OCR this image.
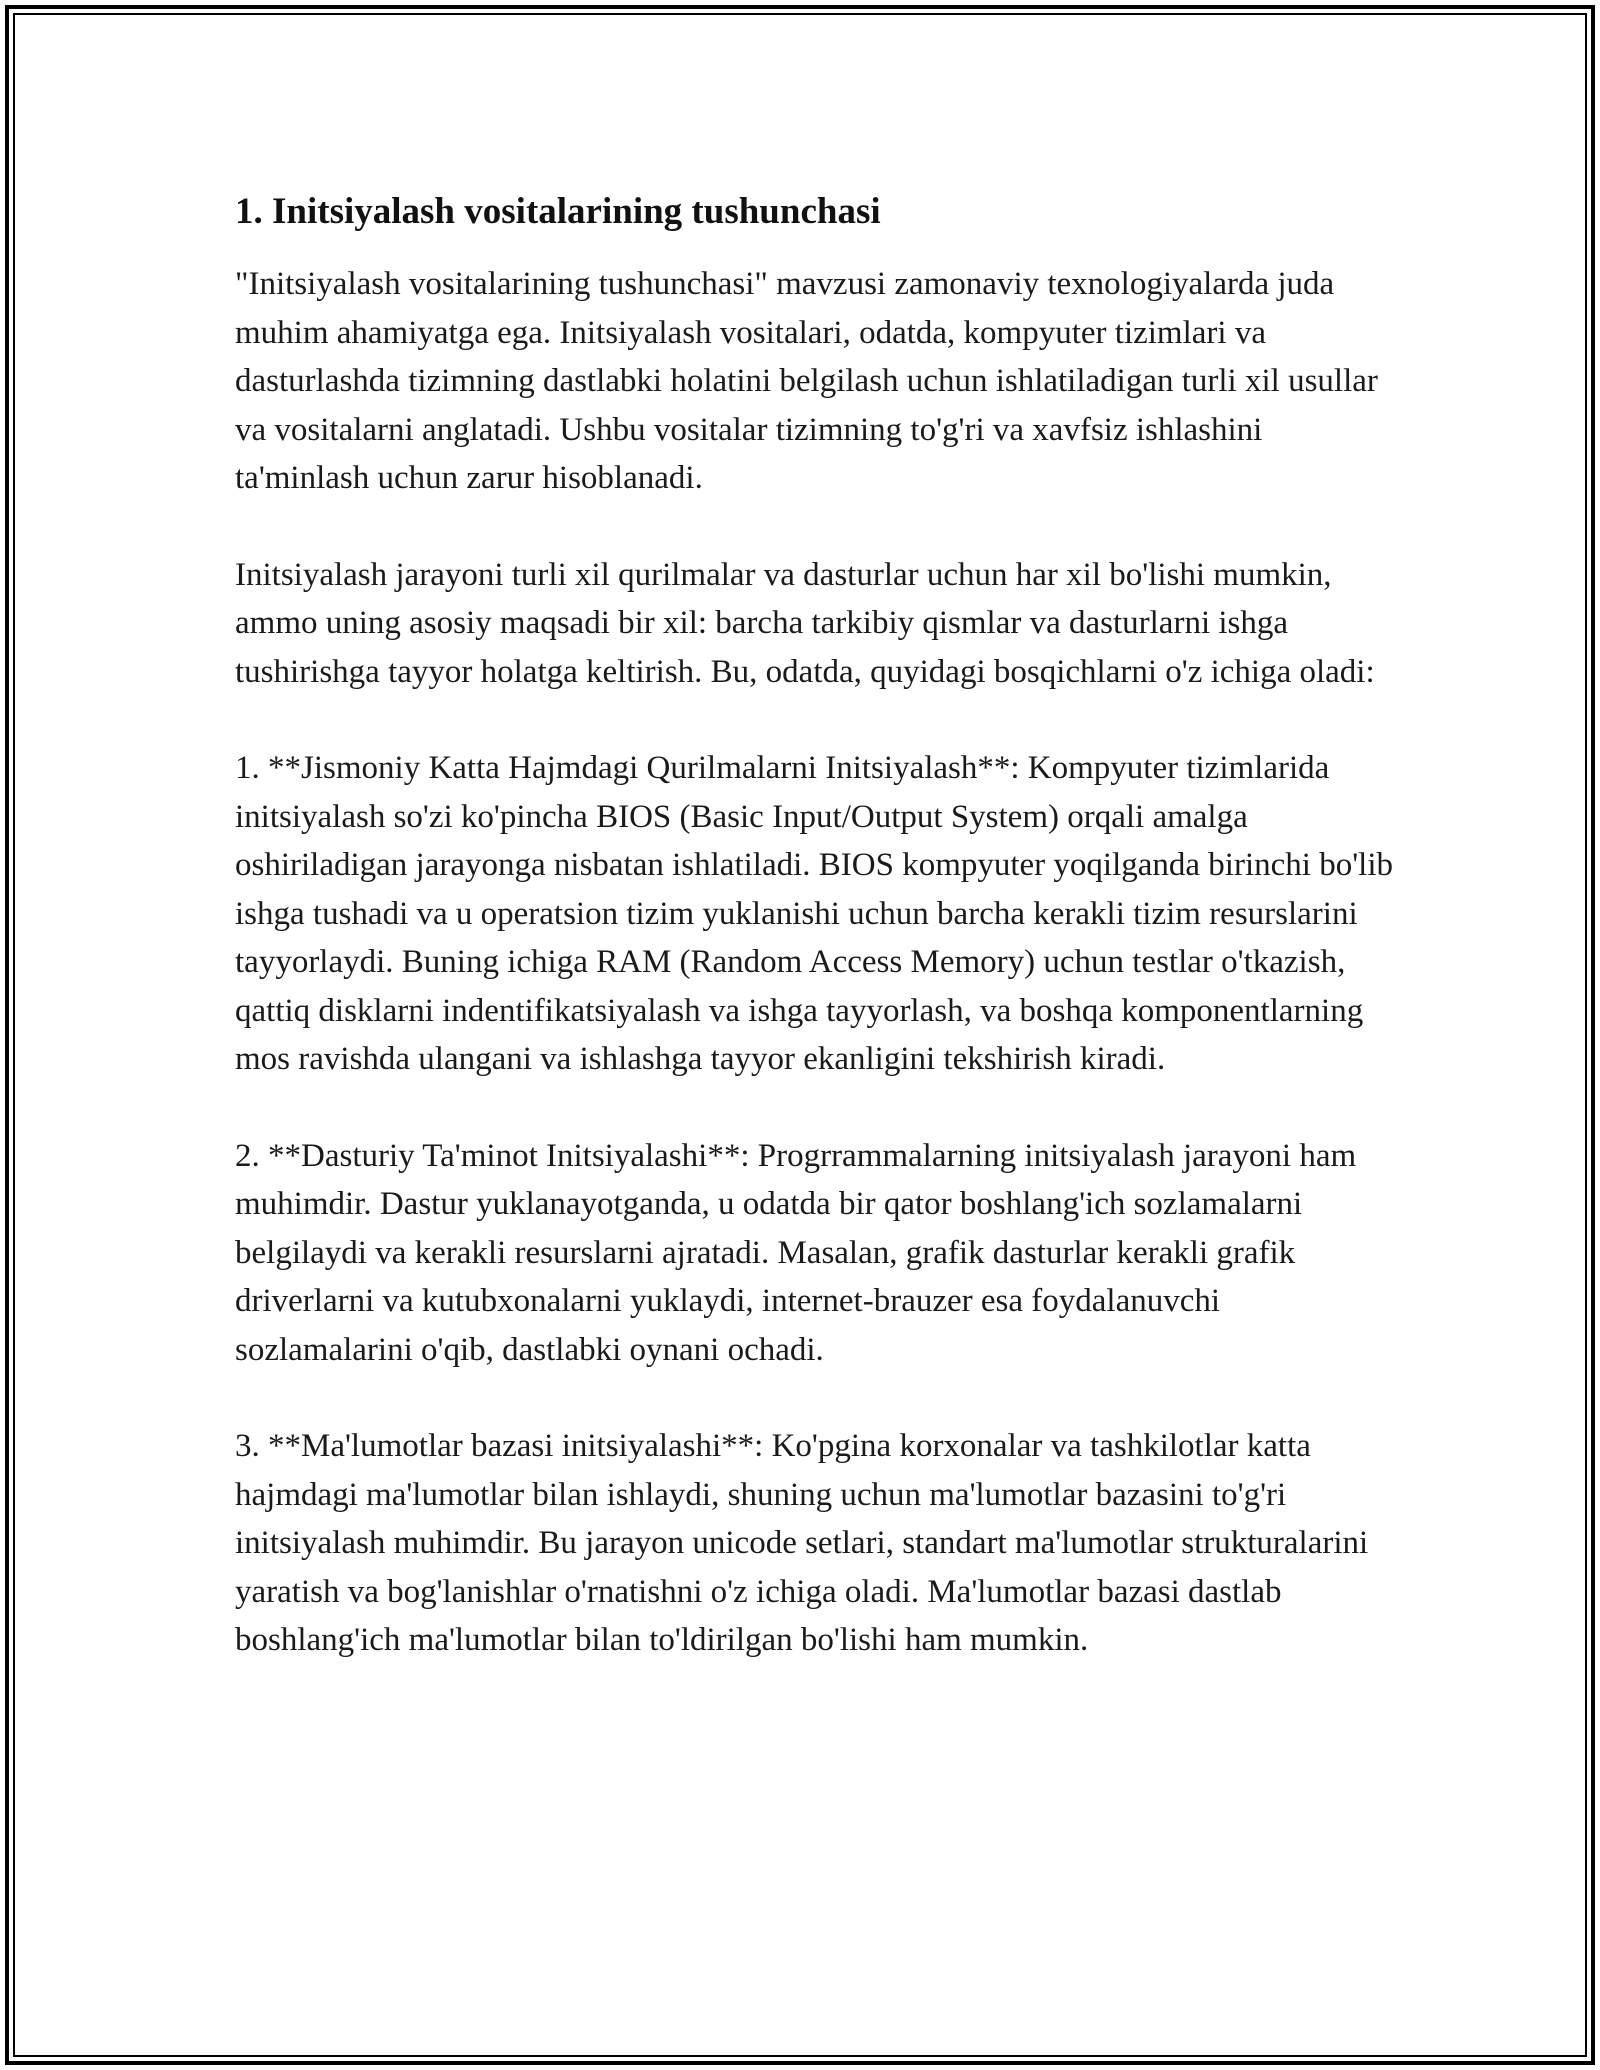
1. Initsiyalash vositalarining tushunchasi

"Initsiyalash vositalarining tushunchasi" mavzusi zamonaviy texnologiyalarda juda muhim ahamiyatga ega. Initsiyalash vositalari, odatda, kompyuter tizimlari va dasturlashda tizimning dastlabki holatini belgilash uchun ishlatiladigan turli xil usullar va vositalarni anglatadi. Ushbu vositalar tizimning to'g'ri va xavfsiz ishlashini ta'minlash uchun zarur hisoblanadi.

Initsiyalash jarayoni turli xil qurilmalar va dasturlar uchun har xil bo'lishi mumkin, ammo uning asosiy maqsadi bir xil: barcha tarkibiy qismlar va dasturlarni ishga tushirishga tayyor holatga keltirish. Bu, odatda, quyidagi bosqichlarni o'z ichiga oladi:

1. **Jismoniy Katta Hajmdagi Qurilmalarni Initsiyalash**: Kompyuter tizimlarida initsiyalash so'zi ko'pincha BIOS (Basic Input/Output System) orqali amalga oshiriladigan jarayonga nisbatan ishlatiladi. BIOS kompyuter yoqilganda birinchi bo'lib ishga tushadi va u operatsion tizim yuklanishi uchun barcha kerakli tizim resurslarini tayyorlaydi. Buning ichiga RAM (Random Access Memory) uchun testlar o'tkazish, qattiq disklarni indentifikatsiyalash va ishga tayyorlash, va boshqa komponentlarning mos ravishda ulangani va ishlashga tayyor ekanligini tekshirish kiradi.

2. **Dasturiy Ta'minot Initsiyalashi**: Progrrammalarning initsiyalash jarayoni ham muhimdir. Dastur yuklanayotganda, u odatda bir qator boshlang'ich sozlamalarni belgilaydi va kerakli resurslarni ajratadi. Masalan, grafik dasturlar kerakli grafik driverlarni va kutubxonalarni yuklaydi, internet-brauzer esa foydalanuvchi sozlamalarini o'qib, dastlabki oynani ochadi.

3. **Ma'lumotlar bazasi initsiyalashi**: Ko'pgina korxonalar va tashkilotlar katta hajmdagi ma'lumotlar bilan ishlaydi, shuning uchun ma'lumotlar bazasini to'g'ri initsiyalash muhimdir. Bu jarayon unicode setlari, standart ma'lumotlar strukturalarini yaratish va bog'lanishlar o'rnatishni o'z ichiga oladi. Ma'lumotlar bazasi dastlab boshlang'ich ma'lumotlar bilan to'ldirilgan bo'lishi ham mumkin.
